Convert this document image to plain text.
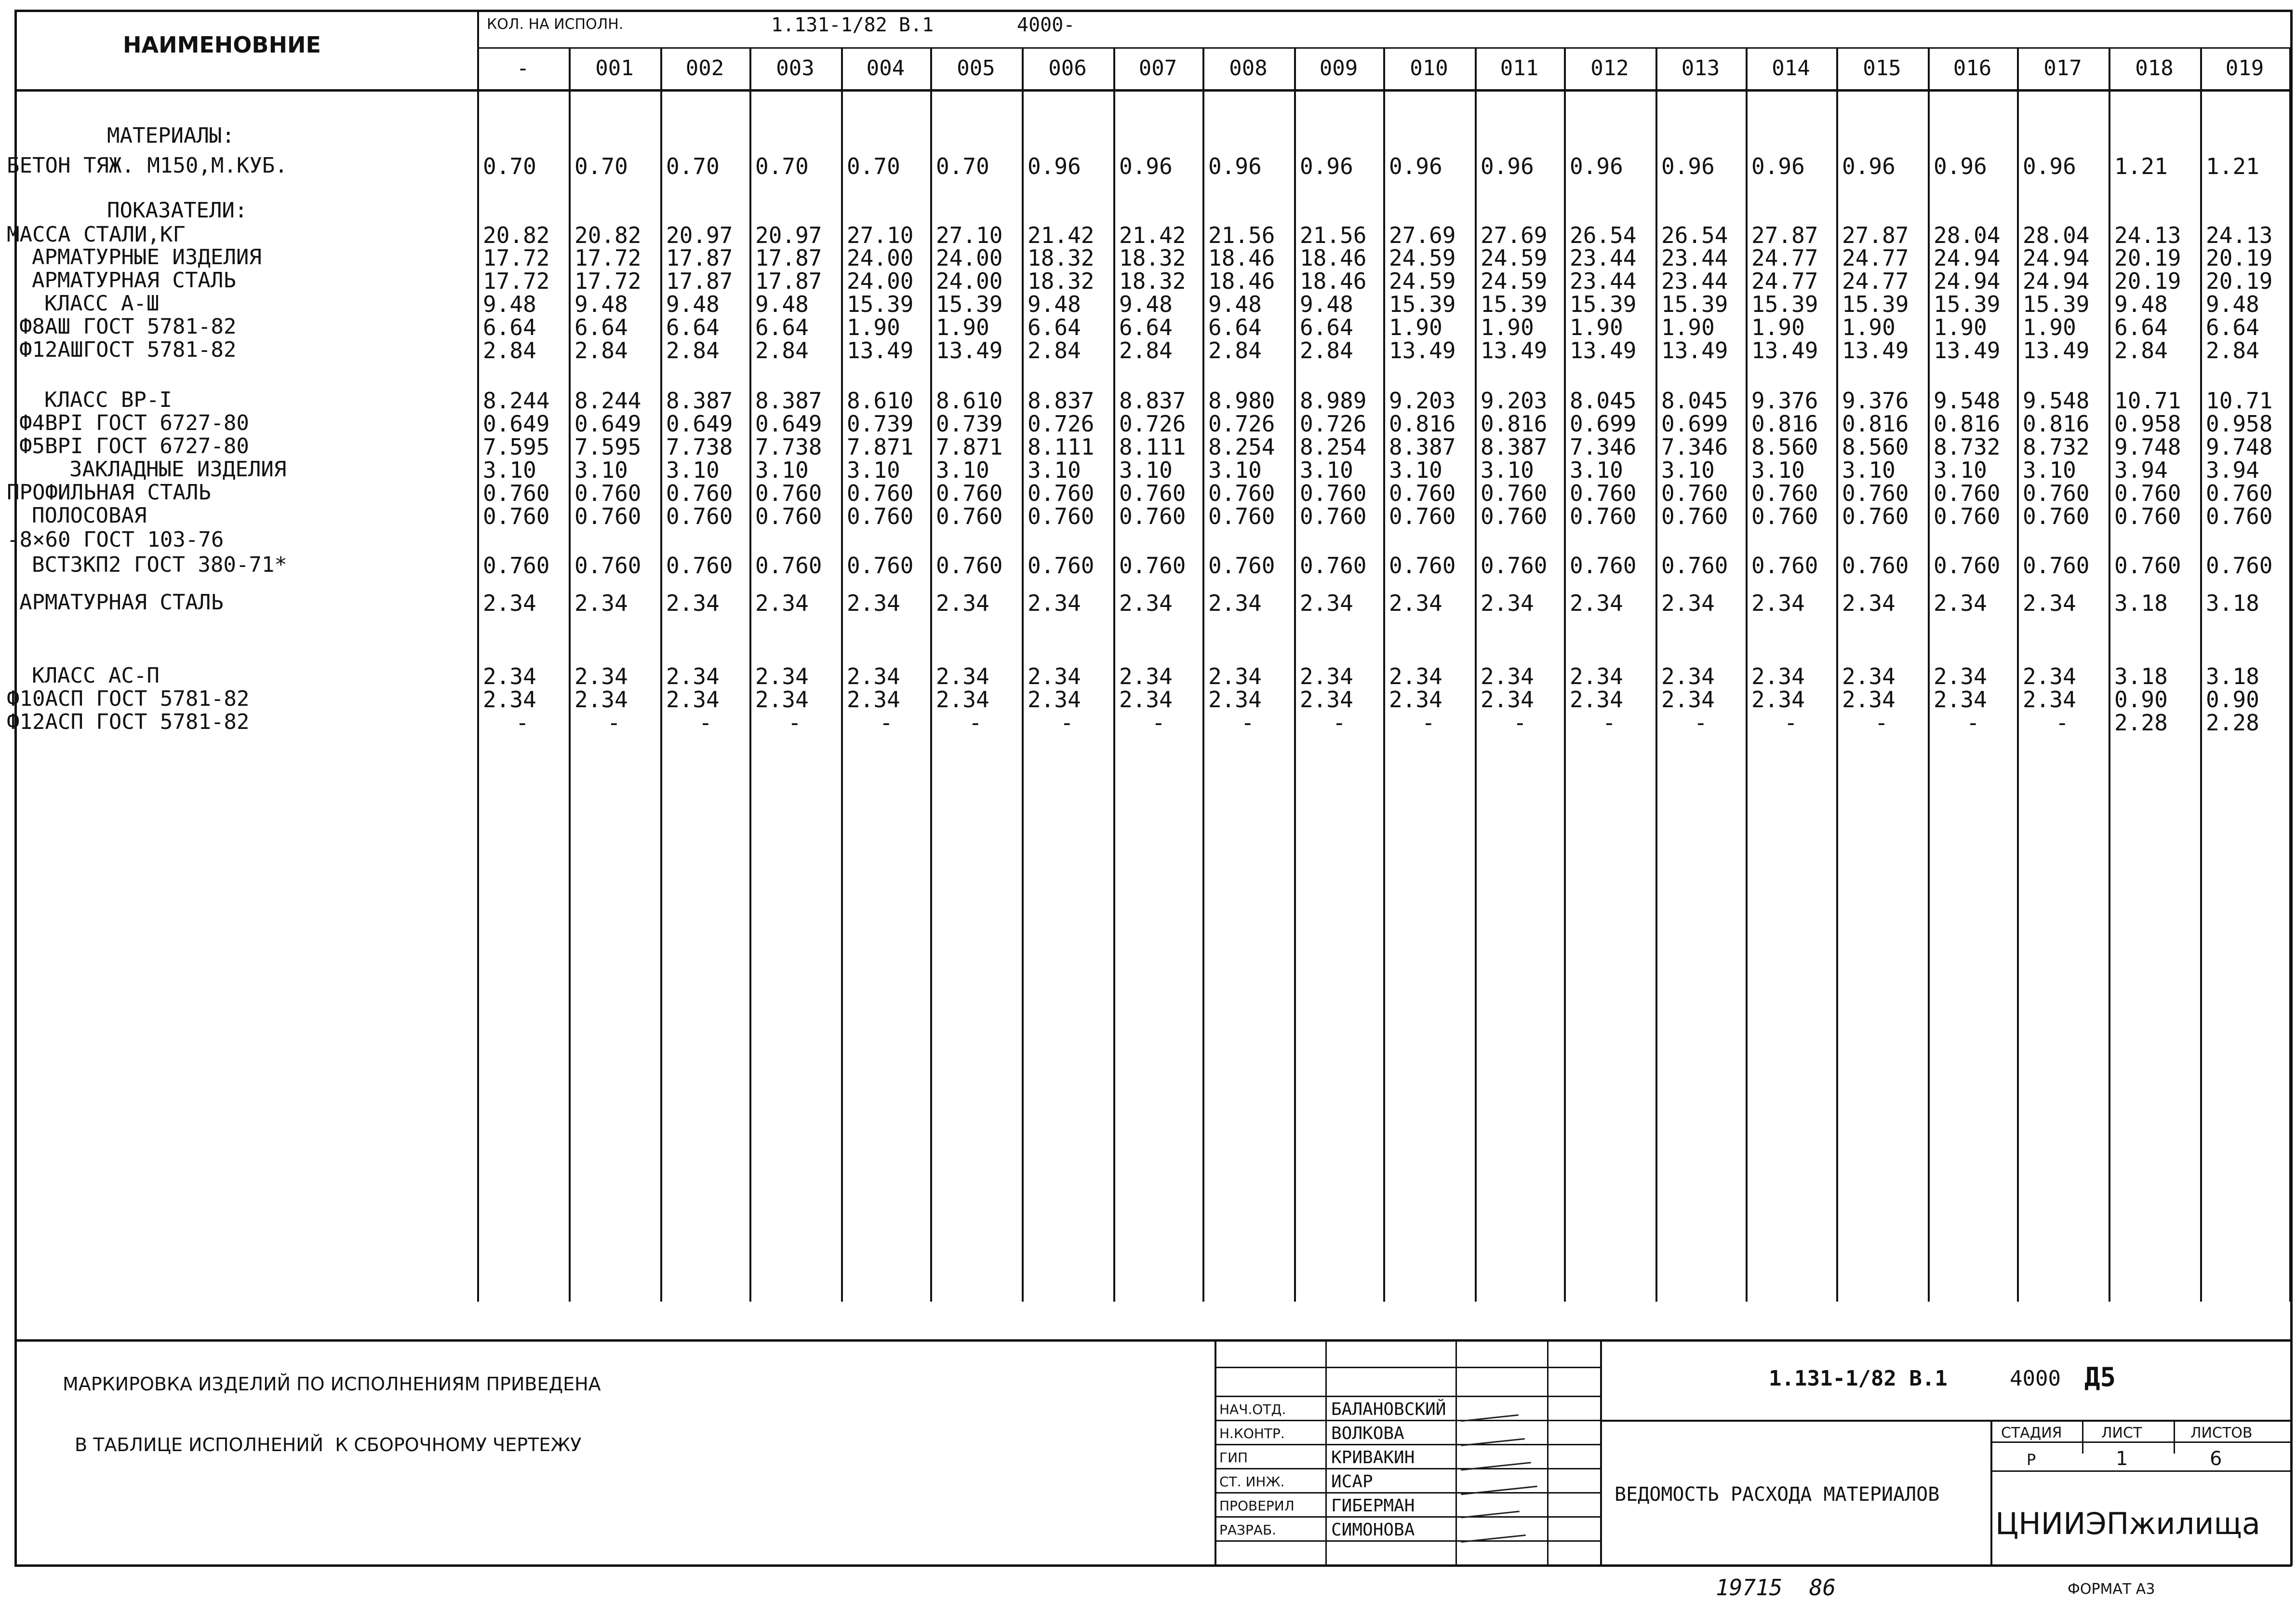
НАИМЕНОВНИЕ
КОЛ. НА ИСПОЛН.	1.131-1/82 В.1	4000-
МАРКИРОВКА ИЗДЕЛИЙ ПО ИСПОЛНЕНИЯМ ПРИВЕДЕНА
В ТАБЛИЦЕ ИСПОЛНЕНИЙ  К СБОРОЧНОМУ ЧЕРТЕЖУ
1.131-1/82 В.1	4000 Д5
ВЕДОМОСТЬ РАСХОДА МАТЕРИАЛОВ
СТАДИЯ	ЛИСТ	ЛИСТОВ
Р	1	6
ЦНИИЭПжилища
19715  86	ФОРМАТ А3
-	001	002	003	004	005	006	007	008	009	010	011	012	013	014	015	016	017	018	019
МАТЕРИАЛЫ:
БЕТОН ТЯЖ. М150,М.КУБ.	0.70 0.70 0.70 0.70 0.70 0.70 0.96 0.96 0.96 0.96 0.96 0.96 0.96 0.96 0.96 0.96 0.96 0.96 1.21 1.21
ПОКАЗАТЕЛИ:
МАССА СТАЛИ,КГ	20.82 20.82 20.97 20.97 27.10 27.10 21.42 21.42 21.56 21.56 27.69 27.69 26.54 26.54 27.87 27.87 28.04 28.04 24.13 24.13
АРМАТУРНЫЕ ИЗДЕЛИЯ	17.72 17.72 17.87 17.87 24.00 24.00 18.32 18.32 18.46 18.46 24.59 24.59 23.44 23.44 24.77 24.77 24.94 24.94 20.19 20.19
АРМАТУРНАЯ СТАЛЬ	17.72 17.72 17.87 17.87 24.00 24.00 18.32 18.32 18.46 18.46 24.59 24.59 23.44 23.44 24.77 24.77 24.94 24.94 20.19 20.19
КЛАСС А-Ш	9.48 9.48 9.48 9.48 15.39 15.39 9.48 9.48 9.48 9.48 15.39 15.39 15.39 15.39 15.39 15.39 15.39 15.39 9.48 9.48
Ф8АШ ГОСТ 5781-82	6.64 6.64 6.64 6.64 1.90 1.90 6.64 6.64 6.64 6.64 1.90 1.90 1.90 1.90 1.90 1.90 1.90 1.90 6.64 6.64
Ф12АШГОСТ 5781-82	2.84 2.84 2.84 2.84 13.49 13.49 2.84 2.84 2.84 2.84 13.49 13.49 13.49 13.49 13.49 13.49 13.49 13.49 2.84 2.84
КЛАСС ВР-I	8.244 8.244 8.387 8.387 8.610 8.610 8.837 8.837 8.980 8.989 9.203 9.203 8.045 8.045 9.376 9.376 9.548 9.548 10.71 10.71
Ф4ВРI ГОСТ 6727-80	0.649 0.649 0.649 0.649 0.739 0.739 0.726 0.726 0.726 0.726 0.816 0.816 0.699 0.699 0.816 0.816 0.816 0.816 0.958 0.958
Ф5ВРI ГОСТ 6727-80	7.595 7.595 7.738 7.738 7.871 7.871 8.111 8.111 8.254 8.254 8.387 8.387 7.346 7.346 8.560 8.560 8.732 8.732 9.748 9.748
ЗАКЛАДНЫЕ ИЗДЕЛИЯ	3.10 3.10 3.10 3.10 3.10 3.10 3.10 3.10 3.10 3.10 3.10 3.10 3.10 3.10 3.10 3.10 3.10 3.10 3.94 3.94
ПРОФИЛЬНАЯ СТАЛЬ	0.760 0.760 0.760 0.760 0.760 0.760 0.760 0.760 0.760 0.760 0.760 0.760 0.760 0.760 0.760 0.760 0.760 0.760 0.760 0.760
ПОЛОСОВАЯ	0.760 0.760 0.760 0.760 0.760 0.760 0.760 0.760 0.760 0.760 0.760 0.760 0.760 0.760 0.760 0.760 0.760 0.760 0.760 0.760
-8×60 ГОСТ 103-76
ВСТ3КП2 ГОСТ 380-71*	0.760 0.760 0.760 0.760 0.760 0.760 0.760 0.760 0.760 0.760 0.760 0.760 0.760 0.760 0.760 0.760 0.760 0.760 0.760 0.760
АРМАТУРНАЯ СТАЛЬ	2.34 2.34 2.34 2.34 2.34 2.34 2.34 2.34 2.34 2.34 2.34 2.34 2.34 2.34 2.34 2.34 2.34 2.34 3.18 3.18
КЛАСС АС-П	2.34 2.34 2.34 2.34 2.34 2.34 2.34 2.34 2.34 2.34 2.34 2.34 2.34 2.34 2.34 2.34 2.34 2.34 3.18 3.18
Ф10АСП ГОСТ 5781-82	2.34 2.34 2.34 2.34 2.34 2.34 2.34 2.34 2.34 2.34 2.34 2.34 2.34 2.34 2.34 2.34 2.34 2.34 0.90 0.90
Ф12АСП ГОСТ 5781-82	-	-	-	-	-	-	-	-	-	-	-	-	-	-	-	-	-	- 2.28 2.28
НАЧ.ОТД.	БАЛАНОВСКИЙ
Н.КОНТР.	ВОЛКОВА
ГИП	КРИВАКИН
СТ. ИНЖ.	ИСАР
ПРОВЕРИЛ ГИБЕРМАН
РАЗРАБ.	СИМОНОВА
